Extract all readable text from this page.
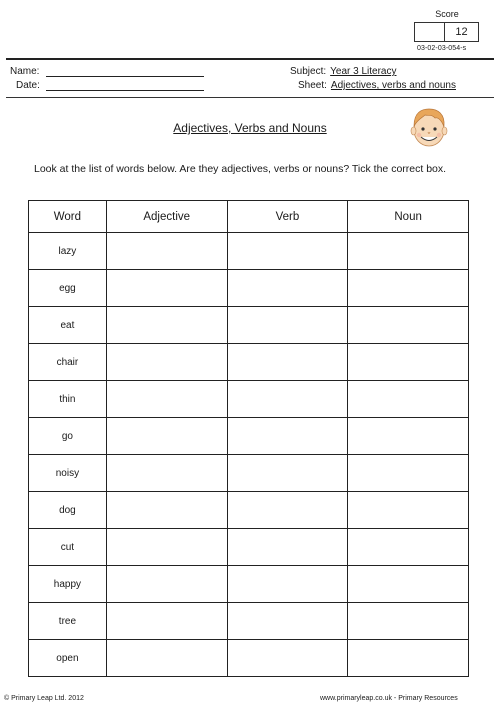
Score
12
03-02-03-054-s
Name:
Date:
Subject: Year 3 Literacy
Sheet: Adjectives, verbs and nouns
Adjectives, Verbs and Nouns
Look at the list of words below. Are they adjectives, verbs or nouns? Tick the correct box.
Word	Adjective	Verb	Noun
lazy			
egg			
eat			
chair			
thin			
go			
noisy			
dog			
cut			
happy			
tree			
open			
© Primary Leap Ltd. 2012	www.primaryleap.co.uk - Primary Resources
